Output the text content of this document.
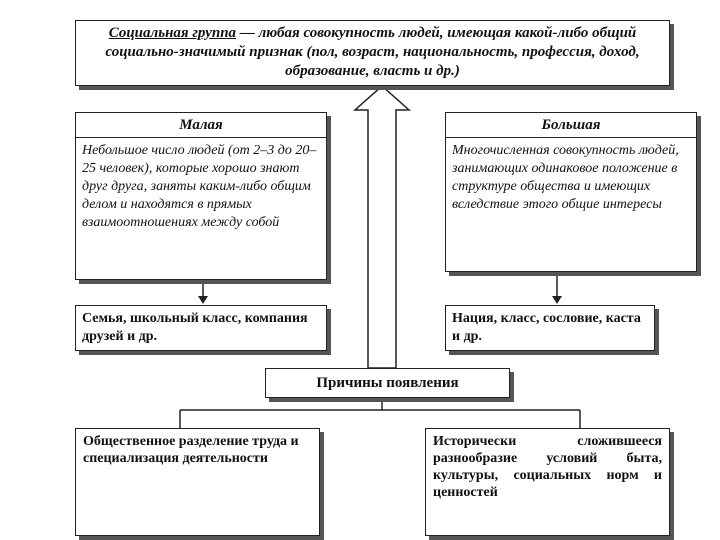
Социальная группа — любая совокупность людей, имеющая какой-либо общий социально-значимый признак (пол, возраст, национальность, профессия, доход, образование, власть и др.)
Малая
Небольшое число людей (от 2–3 до 20–25 человек), которые хорошо знают друг друга, заняты каким-либо общим делом и находятся в прямых взаимоотношениях между собой
Большая
Многочисленная совокупность людей, занимающих одинаковое положение в структуре общества и имеющих вследствие этого общие интересы
Семья, школьный класс, компания друзей и др.
Нация, класс, сословие, каста и др.
Причины появления
Общественное разделение труда и специализация деятельности
Исторически сложившееся разнообразие условий быта, культуры, социальных норм и ценностей
